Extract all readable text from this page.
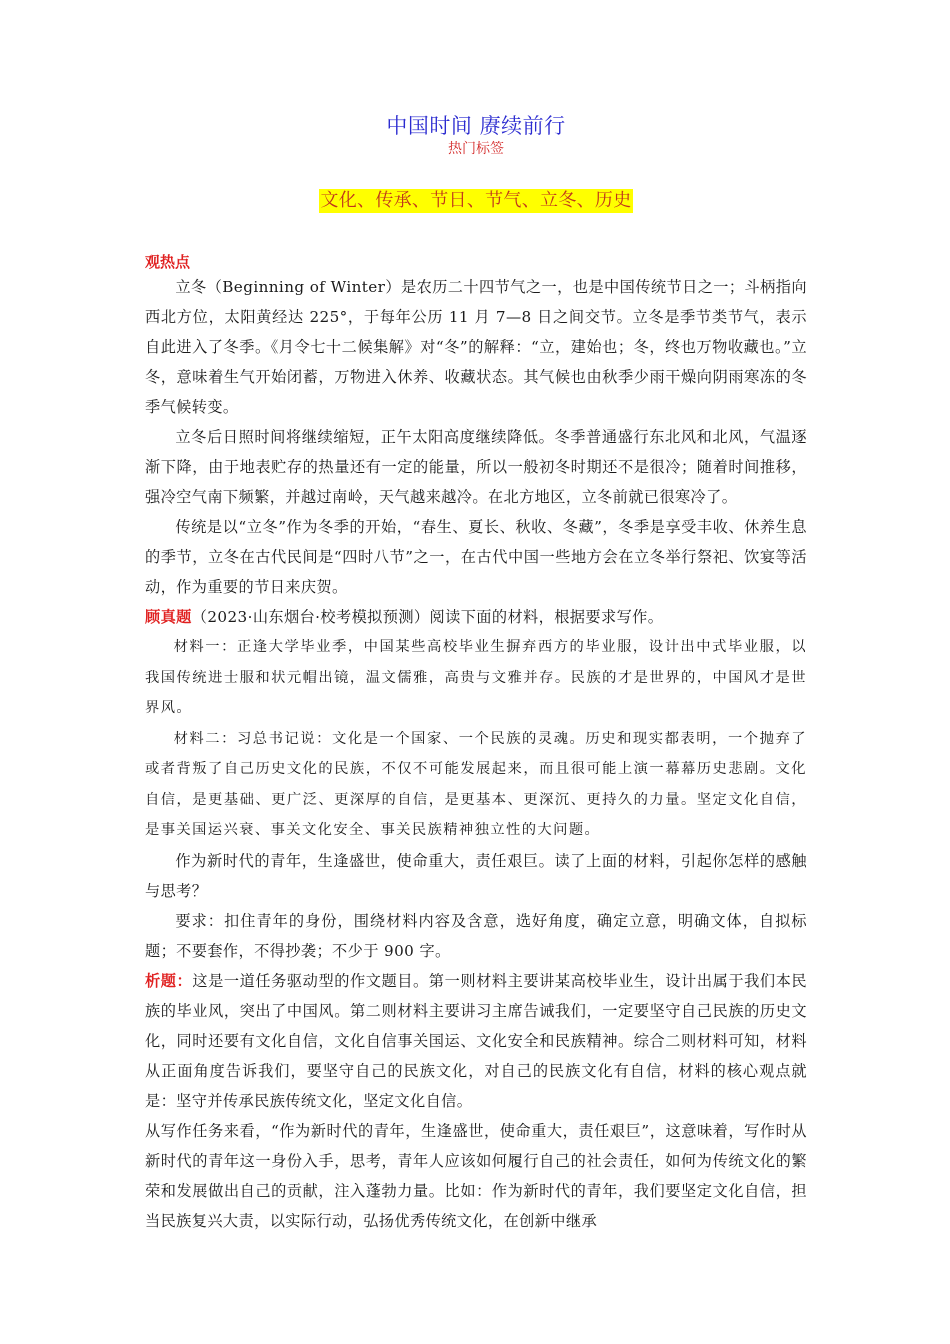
中国时间 赓续前行
热门标签
文化、传承、节日、节气、立冬、历史
观热点

立冬（Beginning of Winter）是农历二十四节气之一，也是中国传统节日之一；斗柄指向西北方位，太阳黄经达 225°，于每年公历 11 月 7—8 日之间交节。立冬是季节类节气，表示自此进入了冬季。《月令七十二候集解》对“冬”的解释：“立，建始也；冬，终也万物收藏也。”立冬，意味着生气开始闭蓄，万物进入休养、收藏状态。其气候也由秋季少雨干燥向阴雨寒冻的冬季气候转变。

立冬后日照时间将继续缩短，正午太阳高度继续降低。冬季普通盛行东北风和北风，气温逐渐下降，由于地表贮存的热量还有一定的能量，所以一般初冬时期还不是很冷；随着时间推移，强冷空气南下频繁，并越过南岭，天气越来越冷。在北方地区，立冬前就已很寒冷了。

传统是以“立冬”作为冬季的开始，“春生、夏长、秋收、冬藏”，冬季是享受丰收、休养生息的季节，立冬在古代民间是“四时八节”之一，在古代中国一些地方会在立冬举行祭祀、饮宴等活动，作为重要的节日来庆贺。

顾真题（2023·山东烟台·校考模拟预测）阅读下面的材料，根据要求写作。

材料一：正逢大学毕业季，中国某些高校毕业生摒弃西方的毕业服，设计出中式毕业服，以我国传统进士服和状元帽出镜，温文儒雅，高贵与文雅并存。民族的才是世界的，中国风才是世界风。

材料二：习总书记说：文化是一个国家、一个民族的灵魂。历史和现实都表明，一个抛弃了或者背叛了自己历史文化的民族，不仅不可能发展起来，而且很可能上演一幕幕历史悲剧。文化自信，是更基础、更广泛、更深厚的自信，是更基本、更深沉、更持久的力量。坚定文化自信，是事关国运兴衰、事关文化安全、事关民族精神独立性的大问题。

作为新时代的青年，生逢盛世，使命重大，责任艰巨。读了上面的材料，引起你怎样的感触与思考？

要求：扣住青年的身份，围绕材料内容及含意，选好角度，确定立意，明确文体，自拟标题；不要套作，不得抄袭；不少于 900 字。

析题：这是一道任务驱动型的作文题目。第一则材料主要讲某高校毕业生，设计出属于我们本民族的毕业风，突出了中国风。第二则材料主要讲习主席告诫我们，一定要坚守自己民族的历史文化，同时还要有文化自信，文化自信事关国运、文化安全和民族精神。综合二则材料可知，材料从正面角度告诉我们，要坚守自己的民族文化，对自己的民族文化有自信，材料的核心观点就是：坚守并传承民族传统文化，坚定文化自信。

从写作任务来看，“作为新时代的青年，生逢盛世，使命重大，责任艰巨”，这意味着，写作时从新时代的青年这一身份入手，思考，青年人应该如何履行自己的社会责任，如何为传统文化的繁荣和发展做出自己的贡献，注入蓬勃力量。比如：作为新时代的青年，我们要坚定文化自信，担当民族复兴大责，以实际行动，弘扬优秀传统文化，在创新中继承
